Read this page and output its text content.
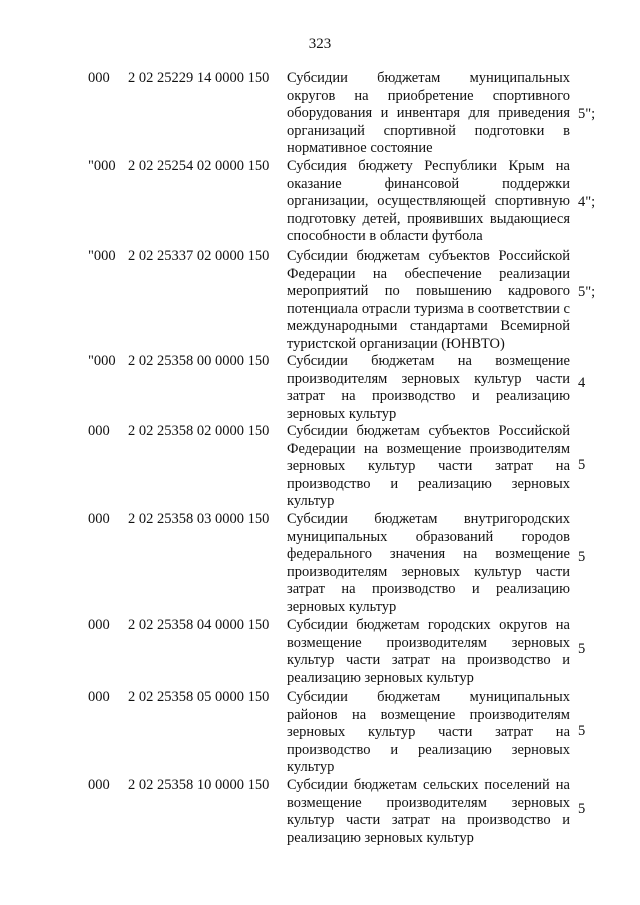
323
000 2 02 25229 14 0000 150 Субсидии бюджетам муниципальных округов на приобретение спортивного оборудования и инвентаря для приведения организаций спортивной подготовки в нормативное состояние
5";
"000 2 02 25254 02 0000 150 Субсидия бюджету Республики Крым на оказание финансовой поддержки организации, осуществляющей спортивную подготовку детей, проявивших выдающиеся способности в области футбола
4";
"000 2 02 25337 02 0000 150 Субсидии бюджетам субъектов Российской Федерации на обеспечение реализации мероприятий по повышению кадрового потенциала отрасли туризма в соответствии с международными стандартами Всемирной туристской организации (ЮНВТО)
5";
"000 2 02 25358 00 0000 150 Субсидии бюджетам на возмещение производителям зерновых культур части затрат на производство и реализацию зерновых культур
4
000 2 02 25358 02 0000 150 Субсидии бюджетам субъектов Российской Федерации на возмещение производителям зерновых культур части затрат на производство и реализацию зерновых культур
5
000 2 02 25358 03 0000 150 Субсидии бюджетам внутригородских муниципальных образований городов федерального значения на возмещение производителям зерновых культур части затрат на производство и реализацию зерновых культур
5
000 2 02 25358 04 0000 150 Субсидии бюджетам городских округов на возмещение производителям зерновых культур части затрат на производство и реализацию зерновых культур
5
000 2 02 25358 05 0000 150 Субсидии бюджетам муниципальных районов на возмещение производителям зерновых культур части затрат на производство и реализацию зерновых культур
5
000 2 02 25358 10 0000 150 Субсидии бюджетам сельских поселений на возмещение производителям зерновых культур части затрат на производство и реализацию зерновых культур
5
